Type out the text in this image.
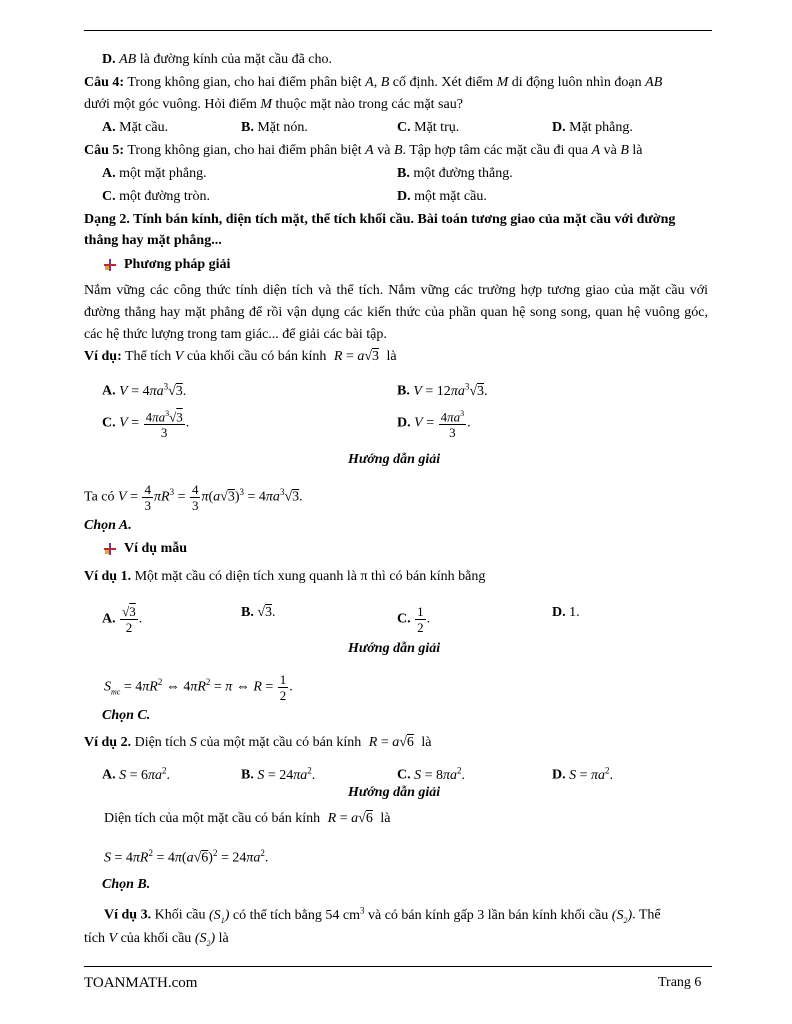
D. AB là đường kính của mặt cầu đã cho.
Câu 4: Trong không gian, cho hai điểm phân biệt A, B cố định. Xét điểm M di động luôn nhìn đoạn AB
dưới một góc vuông. Hỏi điểm M thuộc mặt nào trong các mặt sau?
A. Mặt cầu.	B. Mặt nón.	C. Mặt trụ.	D. Mặt phẳng.
Câu 5: Trong không gian, cho hai điểm phân biệt A và B. Tập hợp tâm các mặt cầu đi qua A và B là
A. một mặt phẳng.	B. một đường thẳng.
C. một đường tròn.	D. một mặt cầu.
Dạng 2. Tính bán kính, diện tích mặt, thể tích khối cầu. Bài toán tương giao của mặt cầu với đường
thẳng hay mặt phẳng...
Phương pháp giải
Nắm vững các công thức tính diện tích và thể tích. Nắm vững các trường hợp tương giao của mặt cầu với đường thẳng hay mặt phẳng để rồi vận dụng các kiến thức của phần quan hệ song song, quan hệ vuông góc, các hệ thức lượng trong tam giác... để giải các bài tập.
Ví dụ: Thể tích V của khối cầu có bán kính R = a√3 là
A. $V = 4\pi a^3√3$.	B. $V = 12\pi a^3√3$.
C. $V = \frac{4\pi a^3√3}{3}$ .	D. $V = \frac{4\pi a^3}{3}$ .
Hướng dẫn giải
Ta có $V = \frac{4}{3} \pi R^3 = \frac{4}{3} \pi(a√3)^3 = 4\pi a^3√3$.
Chọn A.
Ví dụ mẫu
Ví dụ 1. Một mặt cầu có diện tích xung quanh là π thì có bán kính bằng
A. $\frac{√3}{2}$ .	B. √3.	C. $\frac{1}{2}$ .	D. 1.
Hướng dẫn giải
$S_{mc} = 4\pi R^2$ ⇔ $4\pi R^2 = \pi$ ⇔ $R = \frac{1}{2}$ .
Chọn C.
Ví dụ 2. Diện tích S của một mặt cầu có bán kính R = a√6 là
A. $S = 6\pi a^2$.	B. $S = 24\pi a^2$.	C. $S = 8\pi a^2$.	D. $S = \pi a^2$.
Hướng dẫn giải
Diện tích của một mặt cầu có bán kính R = a√6 là
$S = 4\pi R^2 = 4\pi(a√6)^2 = 24\pi a^2$.
Chọn B.
Ví dụ 3. Khối cầu $(S_1)$ có thể tích bằng 54 $cm^3$ và có bán kính gấp 3 lần bán kính khối cầu $(S_2)$. Thể
tích V của khối cầu $(S_2)$ là
TOANMATH.com	Trang 6
